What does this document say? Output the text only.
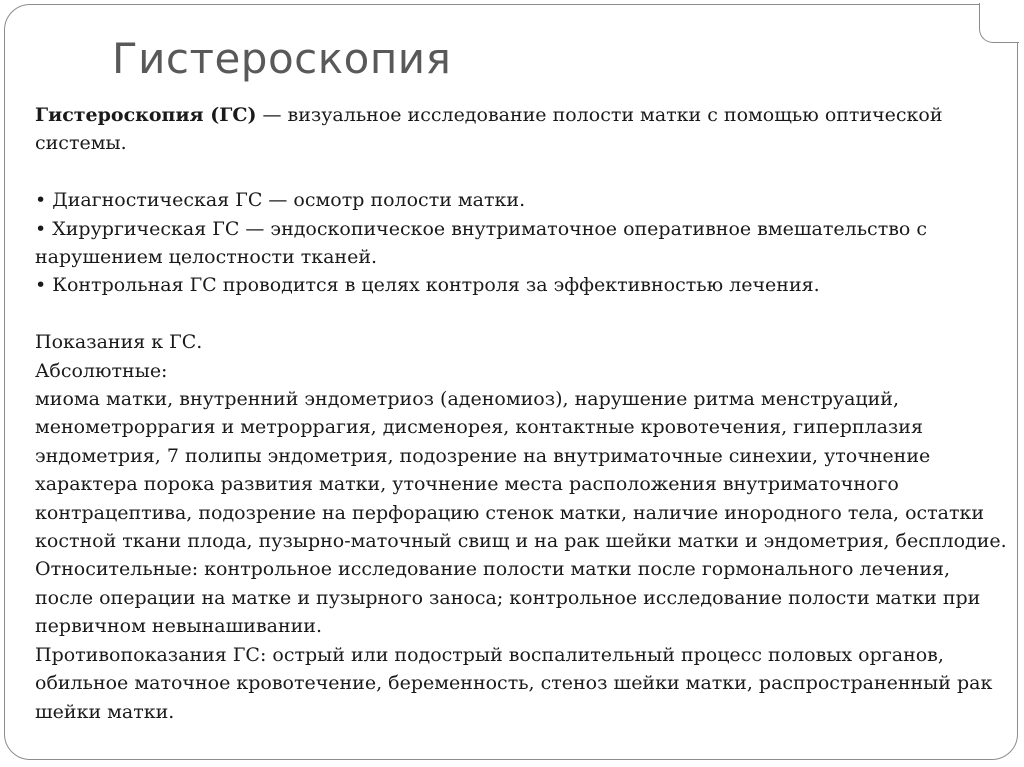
Гистероскопия

Гистероскопия (ГС) — визуальное исследование полости матки с помощью оптической системы.

• Диагностическая ГС — осмотр полости матки.

• Хирургическая ГС — эндоскопическое внутриматочное оперативное вмешательство с нарушением целостности тканей.

• Контрольная ГС проводится в целях контроля за эффективностью лечения.

Показания к ГС.

Абсолютные:

миома матки, внутренний эндометриоз (аденомиоз), нарушение ритма менструаций, менометроррагия и метроррагия, дисменорея, контактные кровотечения, гиперплазия эндометрия, 7 полипы эндометрия, подозрение на внутриматочные синехии, уточнение характера порока развития матки, уточнение места расположения внутриматочного контрацептива, подозрение на перфорацию стенок матки, наличие инородного тела, остатки костной ткани плода, пузырно-маточный свищ и на рак шейки матки и эндометрия, бесплодие.

Относительные: контрольное исследование полости матки после гормонального лечения, после операции на матке и пузырного заноса; контрольное исследование полости матки при первичном невынашивании.

Противопоказания ГС: острый или подострый воспалительный процесс половых органов, обильное маточное кровотечение, беременность, стеноз шейки матки, распространенный рак шейки матки.
